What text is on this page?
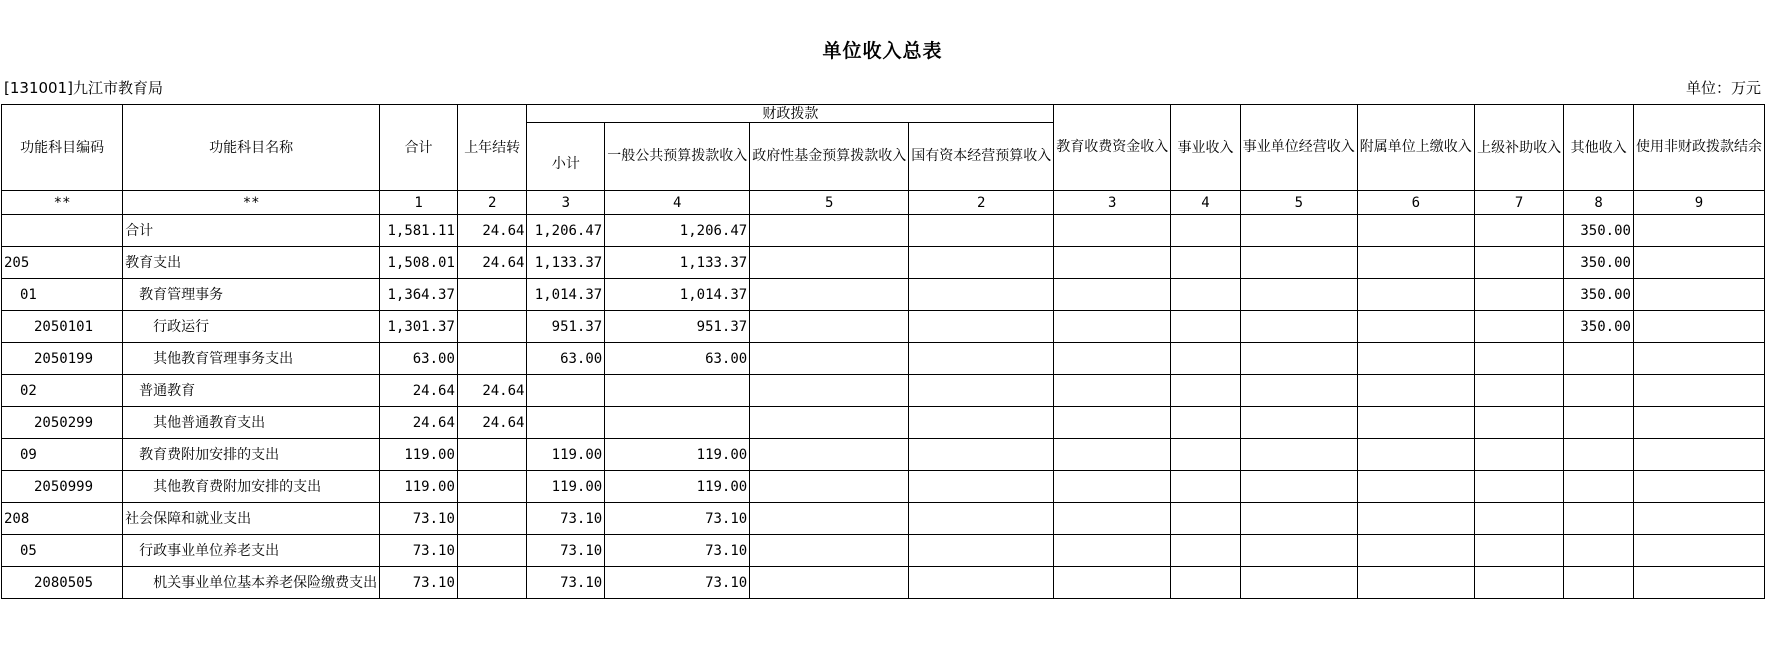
单位收入总表
[131001]九江市教育局	单位：万元
功能科目编码	功能科目名称	合计	上年结转	财政拨款				教育收费资金收入	事业收入	事业单位经营收入	附属单位上缴收入	上级补助收入	其他收入	使用非财政拨款结余
				小计	一般公共预算拨款收入	政府性基金预算拨款收入	国有资本经营预算收入							
**	**	1	2	3	4	5	2	3	4	5	6	7	8	9
	合计	1,581.11	24.64	1,206.47	1,206.47								350.00	
205	教育支出	1,508.01	24.64	1,133.37	1,133.37								350.00	
01	教育管理事务	1,364.37		1,014.37	1,014.37								350.00	
2050101	行政运行	1,301.37		951.37	951.37								350.00	
2050199	其他教育管理事务支出	63.00		63.00	63.00									
02	普通教育	24.64	24.64											
2050299	其他普通教育支出	24.64	24.64											
09	教育费附加安排的支出	119.00		119.00	119.00									
2050999	其他教育费附加安排的支出	119.00		119.00	119.00									
208	社会保障和就业支出	73.10		73.10	73.10									
05	行政事业单位养老支出	73.10		73.10	73.10									
2080505	机关事业单位基本养老保险缴费支出	73.10		73.10	73.10									
